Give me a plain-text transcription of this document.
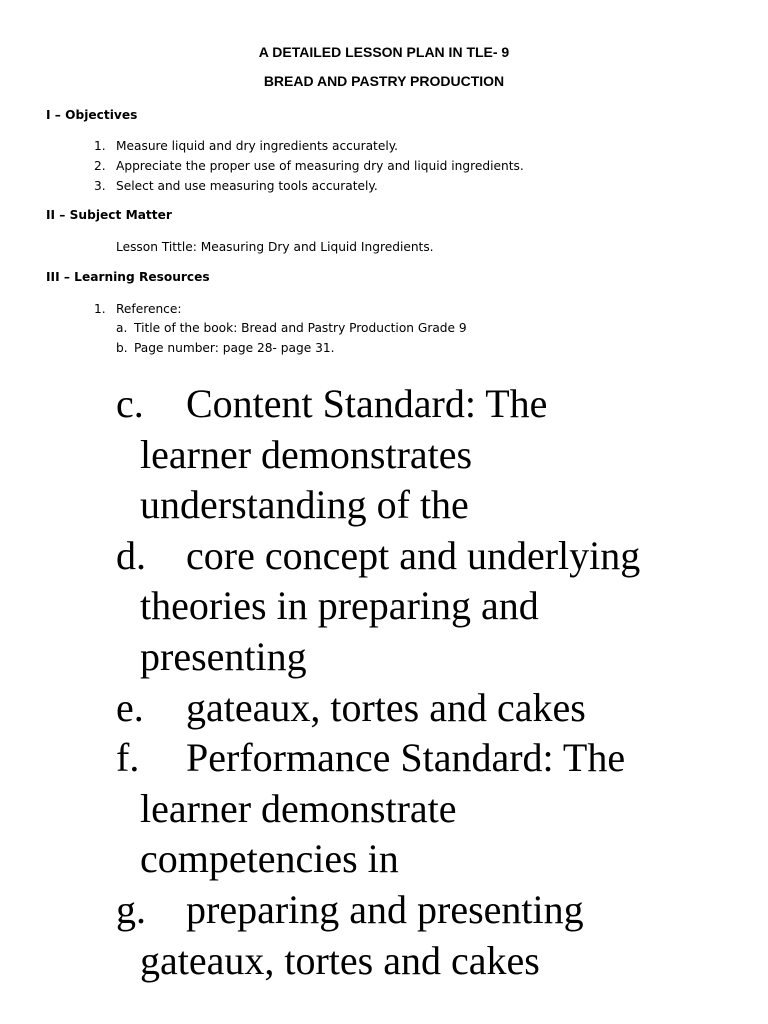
A DETAILED LESSON PLAN IN TLE- 9
BREAD AND PASTRY PRODUCTION
I – Objectives
1. Measure liquid and dry ingredients accurately.
2. Appreciate the proper use of measuring dry and liquid ingredients.
3. Select and use measuring tools accurately.
II – Subject Matter
Lesson Tittle: Measuring Dry and Liquid Ingredients.
III – Learning Resources
1. Reference:
a. Title of the book: Bread and Pastry Production Grade 9
b. Page number: page 28- page 31.
c. Content Standard: The
learner demonstrates
understanding of the
d. core concept and underlying
theories in preparing and
presenting
e. gateaux, tortes and cakes
f. Performance Standard: The
learner demonstrate
competencies in
g. preparing and presenting
gateaux, tortes and cakes
